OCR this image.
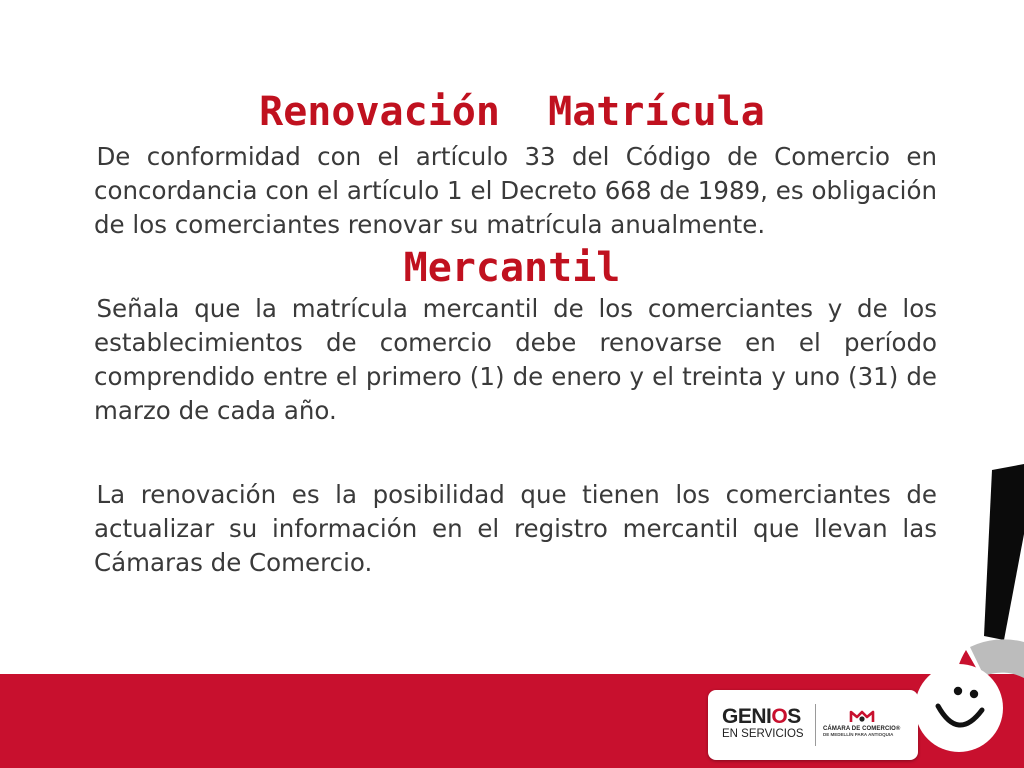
Renovación  Matrícula

Mercantil

De conformidad con el artículo 33 del Código de Comercio en concordancia con el artículo 1 el Decreto 668 de 1989, es obligación de los comerciantes renovar su matrícula anualmente.

Señala que la matrícula mercantil de los comerciantes y de los establecimientos de comercio debe renovarse en el período comprendido entre el primero (1) de enero y el treinta y uno (31) de marzo de cada año.

La renovación es la posibilidad que tienen los comerciantes de actualizar su información en el registro mercantil que llevan las Cámaras de Comercio.

GENIOS
EN SERVICIOS	CÁMARA DE COMERCIO®
DE MEDELLÍN PARA ANTIOQUIA
